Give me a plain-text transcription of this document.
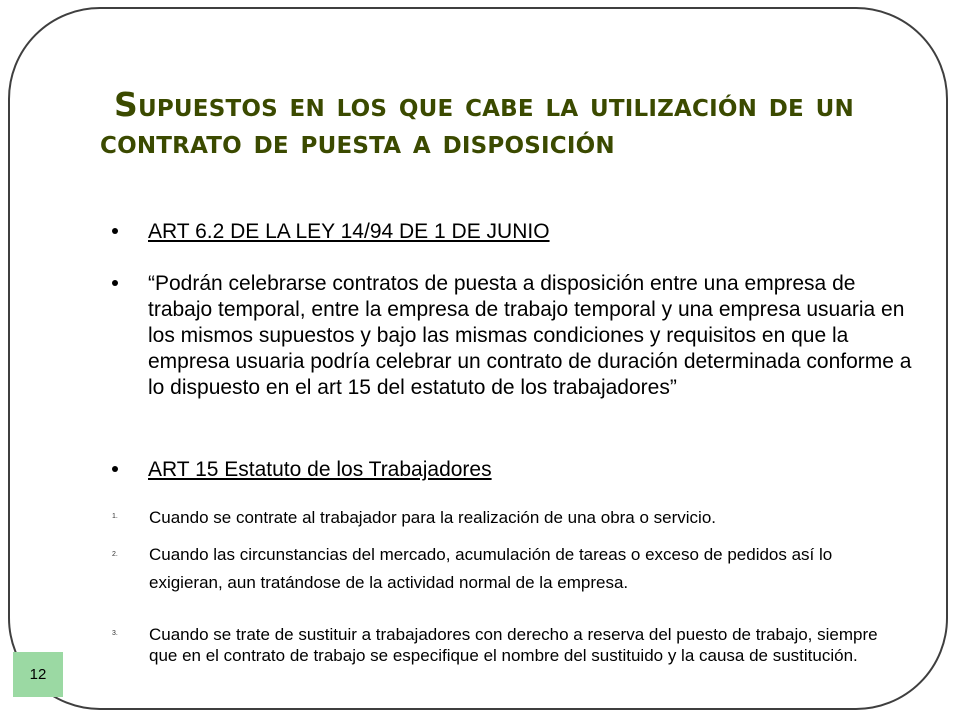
Supuestos en los que cabe la utilización de un
contrato de puesta a disposición
ART 6.2 DE LA LEY 14/94 DE 1 DE JUNIO
“Podrán celebrarse contratos de puesta a disposición entre una empresa de trabajo temporal, entre la empresa de trabajo temporal y una empresa usuaria en los mismos supuestos y bajo las mismas condiciones y requisitos en que la empresa usuaria podría celebrar un contrato de duración determinada conforme a lo dispuesto en el art 15 del estatuto de los trabajadores”
ART 15 Estatuto de los Trabajadores
1. Cuando se contrate al trabajador para la realización de una obra o servicio.
2. Cuando las circunstancias del mercado, acumulación de tareas o exceso de pedidos así lo exigieran, aun tratándose de la actividad normal de la empresa.
3. Cuando se trate de sustituir a trabajadores con derecho a reserva del puesto de trabajo, siempre que en el contrato de trabajo se especifique el nombre del sustituido y la causa de sustitución.
12
